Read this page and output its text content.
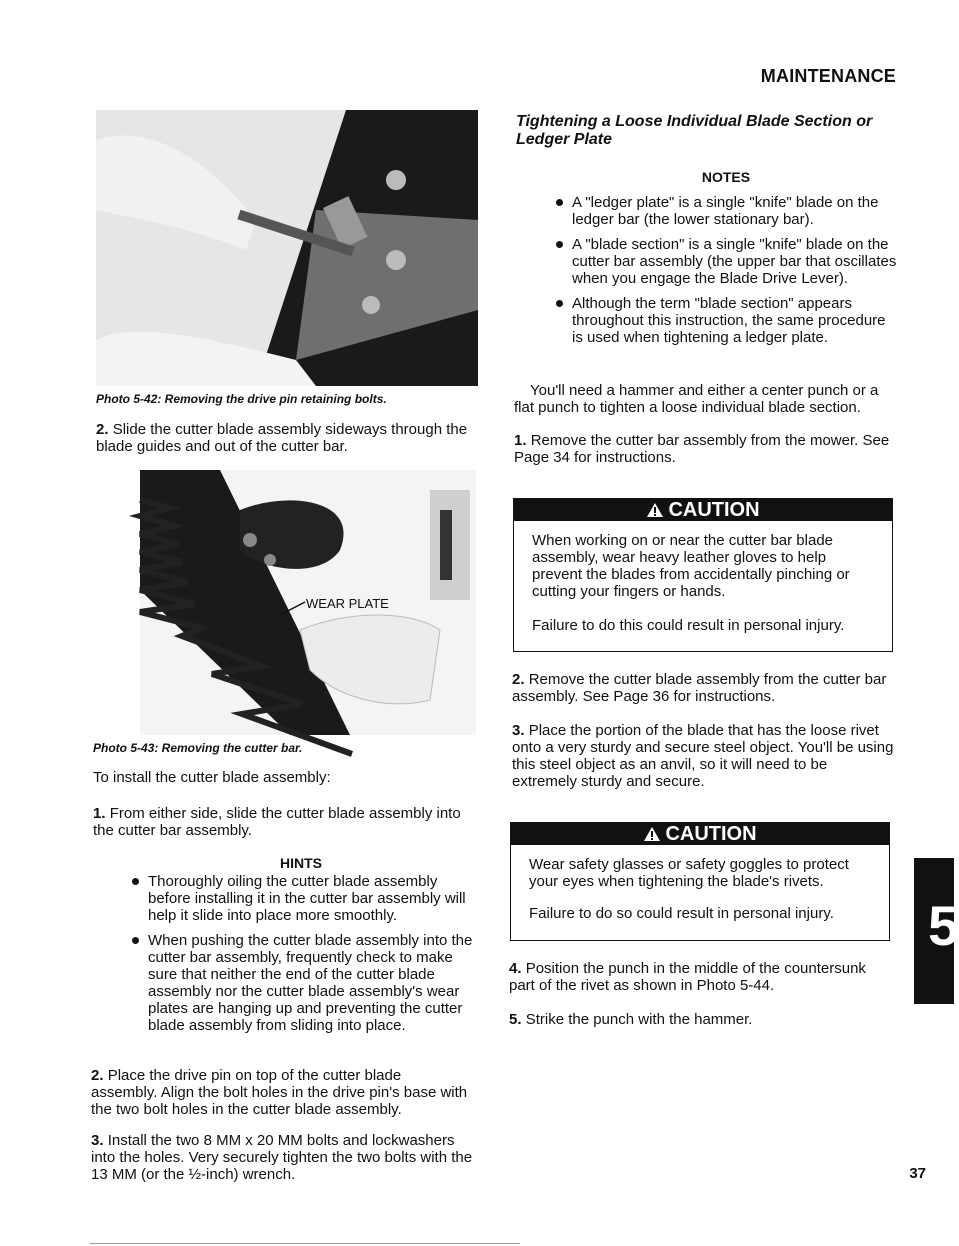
MAINTENANCE
Photo 5-42: Removing the drive pin retaining bolts.
2. Slide the cutter blade assembly sideways through the blade guides and out of the cutter bar.
WEAR PLATE
Photo 5-43: Removing the cutter bar.
To install the cutter blade assembly:
1. From either side, slide the cutter blade assembly into the cutter bar assembly.
HINTS
Thoroughly oiling the cutter blade assembly before installing it in the cutter bar assembly will help it slide into place more smoothly.
When pushing the cutter blade assembly into the cutter bar assembly, frequently check to make sure that neither the end of the cutter blade assembly nor the cutter blade assembly's wear plates are hanging up and preventing the cutter blade assembly from sliding into place.
2. Place the drive pin on top of the cutter blade assembly. Align the bolt holes in the drive pin's base with the two bolt holes in the cutter blade assembly.
3. Install the two 8 MM x 20 MM bolts and lockwashers into the holes. Very securely tighten the two bolts with the 13 MM (or the ½-inch) wrench.
Tightening a Loose Individual Blade Section or Ledger Plate
NOTES
A "ledger plate" is a single "knife" blade on the ledger bar (the lower stationary bar).
A "blade section" is a single "knife" blade on the cutter bar assembly (the upper bar that oscillates when you engage the Blade Drive Lever).
Although the term "blade section" appears throughout this instruction, the same procedure is used when tightening a ledger plate.
You'll need a hammer and either a center punch or a flat punch to tighten a loose individual blade section.
1. Remove the cutter bar assembly from the mower. See Page 34 for instructions.
CAUTION
When working on or near the cutter bar blade assembly, wear heavy leather gloves to help prevent the blades from accidentally pinching or cutting your fingers or hands.
Failure to do this could result in personal injury.
2. Remove the cutter blade assembly from the cutter bar assembly. See Page 36 for instructions.
3. Place the portion of the blade that has the loose rivet onto a very sturdy and secure steel object. You'll be using this steel object as an anvil, so it will need to be extremely sturdy and secure.
CAUTION
Wear safety glasses or safety goggles to protect your eyes when tightening the blade's rivets.
Failure to do so could result in personal injury.
4. Position the punch in the middle of the countersunk part of the rivet as shown in Photo 5-44.
5. Strike the punch with the hammer.
5
37
